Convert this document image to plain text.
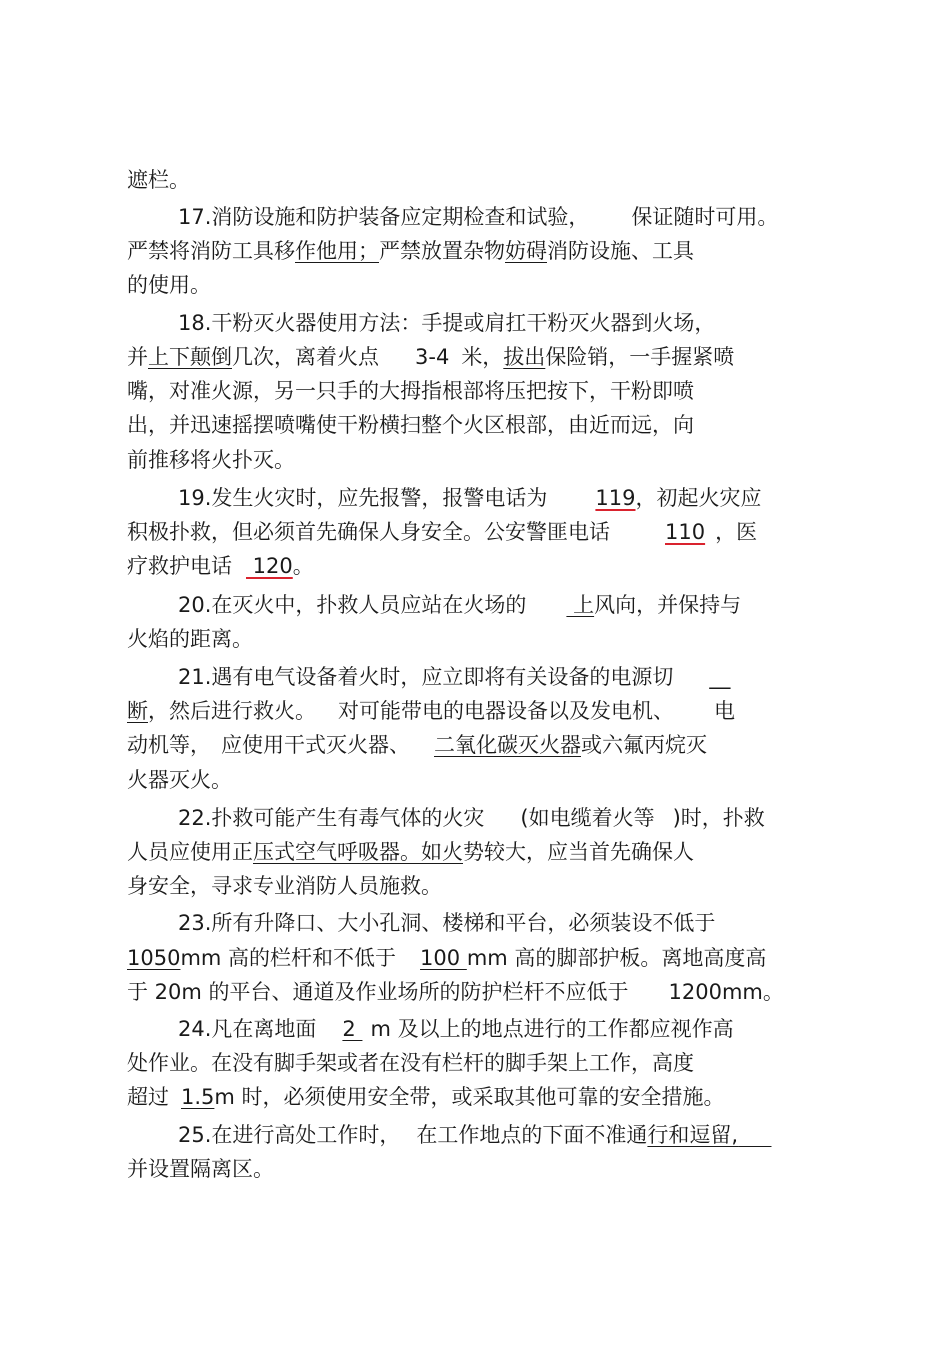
遮栏。
17.消防设施和防护装备应定期检查和试验， 保证随时可用。
严禁将消防工具移作他用；严禁放置杂物妨碍消防设施、工具
的使用。
18.干粉灭火器使用方法：手提或肩扛干粉灭火器到火场，
并上下颠倒几次，离着火点 3-4 米，拔出保险销，一手握紧喷
嘴，对准火源，另一只手的大拇指根部将压把按下，干粉即喷
出，并迅速摇摆喷嘴使干粉横扫整个火区根部，由近而远，向
前推移将火扑灭。
19.发生火灾时，应先报警，报警电话为 119，初起火灾应
积极扑救，但必须首先确保人身安全。公安警匪电话	110 ，医
疗救护电话 120。
20.在灭火中，扑救人员应站在火场的 上风向，并保持与
火焰的距离。
21.遇有电气设备着火时，应立即将有关设备的电源切 __
断，然后进行救火。 对可能带电的电器设备以及发电机、 电
动机等， 应使用干式灭火器、 二氧化碳灭火器或六氟丙烷灭
火器灭火。
22.扑救可能产生有毒气体的火灾 (如电缆着火等 )时，扑救
人员应使用正压式空气呼吸器。如火势较大，应当首先确保人
身安全，寻求专业消防人员施救。
23.所有升降口、大小孔洞、楼梯和平台，必须装设不低于
1050mm 高的栏杆和不低于 100 mm 高的脚部护板。离地高度高
于 20m 的平台、通道及作业场所的防护栏杆不应低于 1200mm。
24.凡在离地面 2 m 及以上的地点进行的工作都应视作高
处作业。在没有脚手架或者在没有栏杆的脚手架上工作，高度
超过 1.5m 时，必须使用安全带，或采取其他可靠的安全措施。
25.在进行高处工作时， 在工作地点的下面不准通行和逗留,
并设置隔离区。
